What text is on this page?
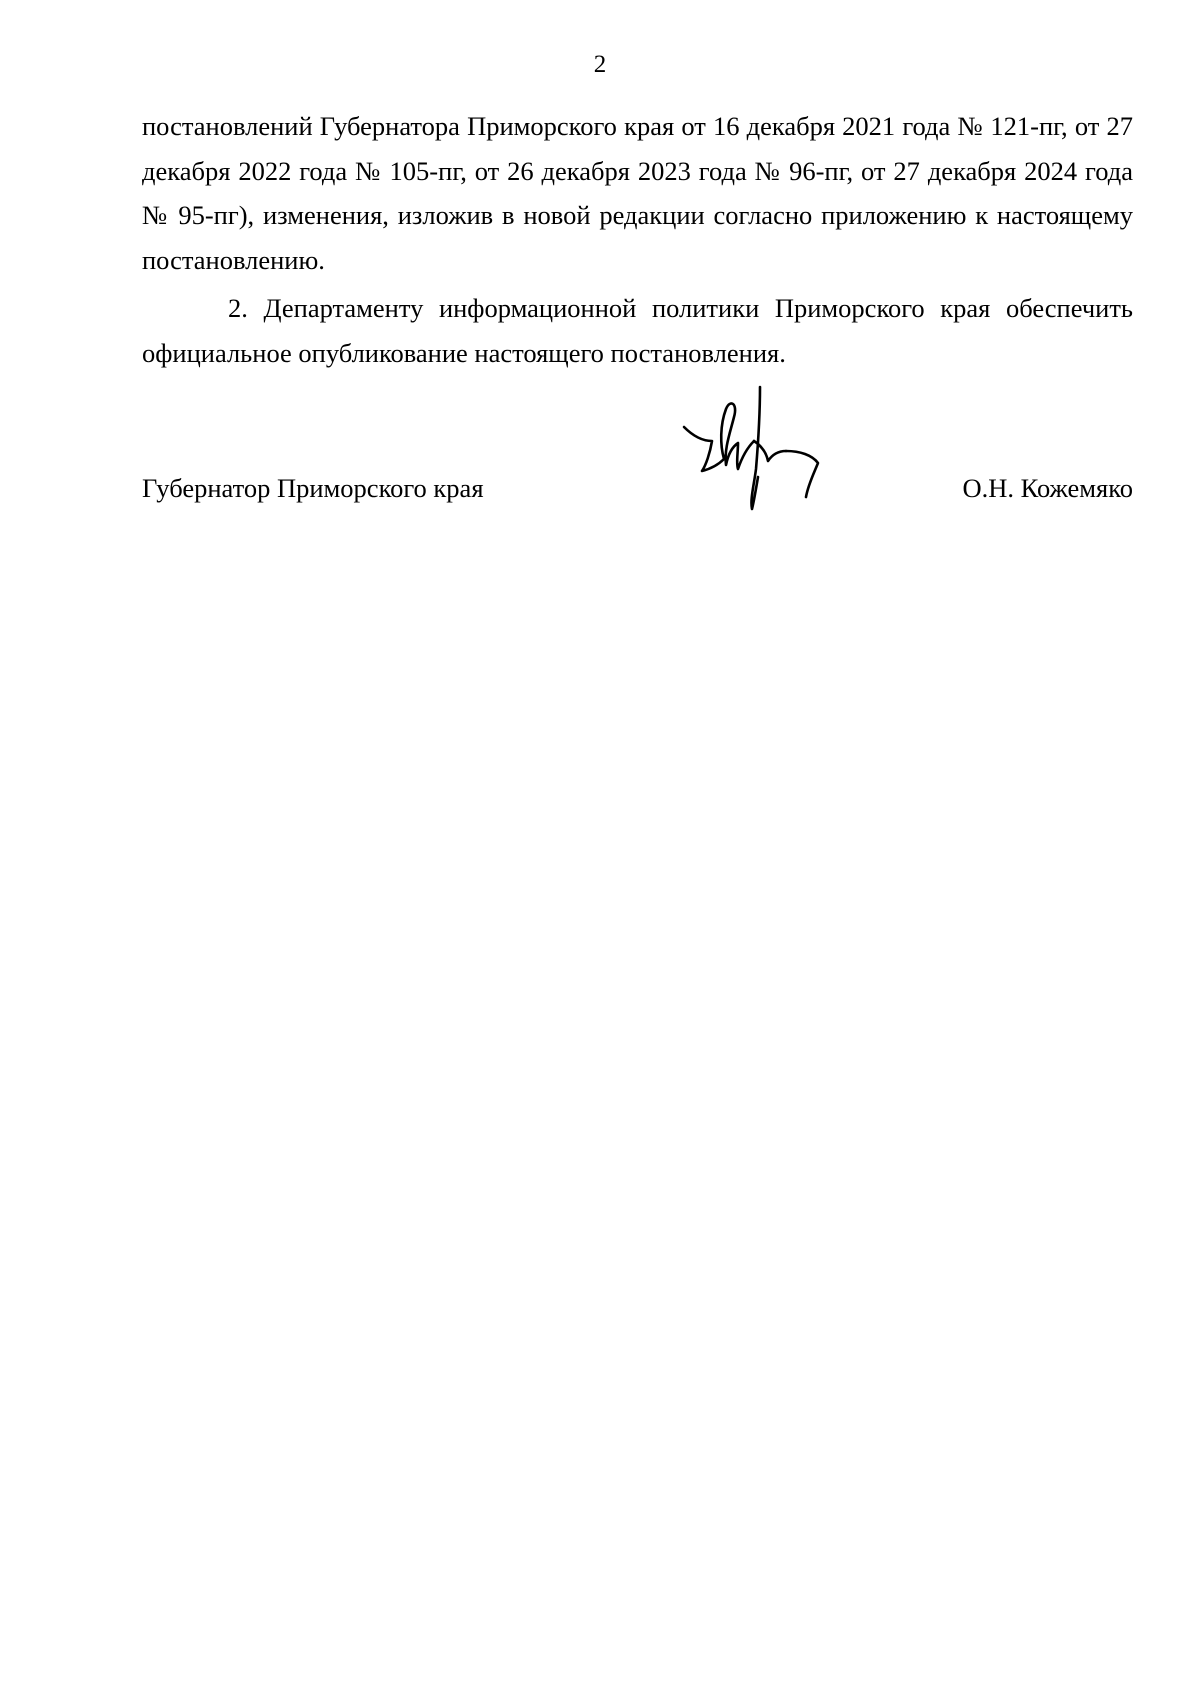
2

постановлений Губернатора Приморского края от 16 декабря 2021 года № 121-пг, от 27 декабря 2022 года № 105-пг, от 26 декабря 2023 года № 96-пг, от 27 декабря 2024 года № 95-пг), изменения, изложив в новой редакции согласно приложению к настоящему постановлению.

2. Департаменту информационной политики Приморского края обеспечить официальное опубликование настоящего постановления.

Губернатор Приморского края	О.Н. Кожемяко
